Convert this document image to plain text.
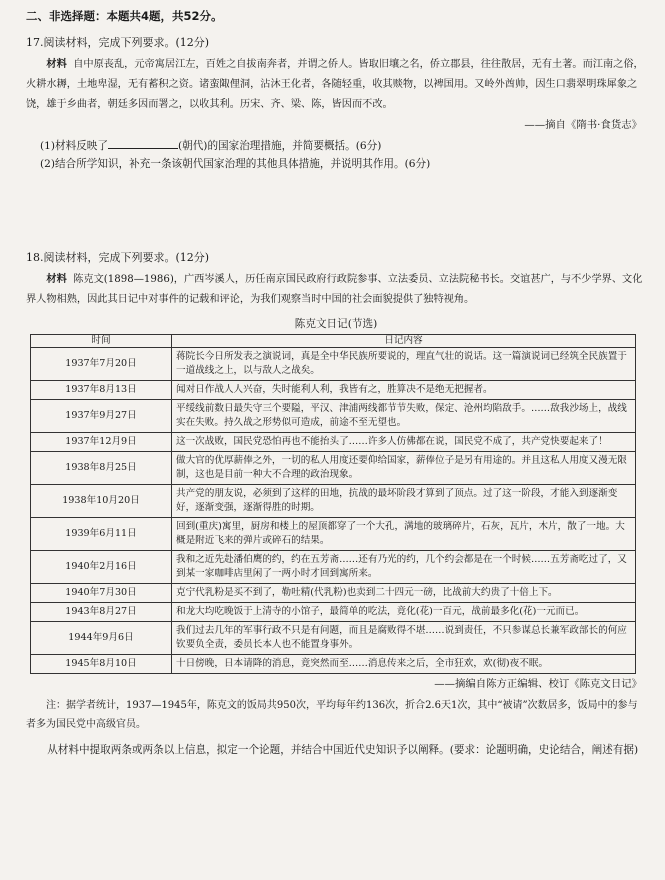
二、非选择题：本题共4题，共52分。
17.阅读材料，完成下列要求。(12分)

材料 自中原丧乱，元帝寓居江左，百姓之自拔南奔者，并谓之侨人。皆取旧壤之名，侨立郡县，往往散居，无有土著。而江南之俗，火耕水耨，土地卑湿，无有蓄积之资。诸蛮陬俚洞，沾沐王化者，各随轻重，收其赕物，以裨国用。又岭外酋帅，因生口翡翠明珠犀象之饶，雄于乡曲者，朝廷多因而署之，以收其利。历宋、齐、梁、陈，皆因而不改。

——摘自《隋书·食货志》
(1)材料反映了	(朝代)的国家治理措施，并简要概括。(6分)
(2)结合所学知识，补充一条该朝代国家治理的其他具体措施，并说明其作用。(6分)
18.阅读材料，完成下列要求。(12分)

材料 陈克文(1898—1986)，广西岑溪人，历任南京国民政府行政院参事、立法委员、立法院秘书长。交谊甚广，与不少学界、文化界人物相熟，因此其日记中对事件的记载和评论，为我们观察当时中国的社会面貌提供了独特视角。

陈克文日记(节选)
时间	日记内容
1937年7月20日	蒋院长今日所发表之演说词，真是全中华民族所要说的，理直气壮的说话。这一篇演说词已经筑全民族置于一道战线之上，以与敌人之战矣。
1937年8月13日	闻对日作战人人兴奋，失时能利人利，我皆有之，胜算决不是绝无把握者。
1937年9月27日	平绥线前数日最失守三个要隘，平汉、津浦两线都节节失败，保定、沧州均陷敌手。……敌我沙场上，战线实在失败。持久战之形势似可造成，前途不至无望也。
1937年12月9日	这一次战败，国民党恐怕再也不能抬头了……许多人仿佛都在说，国民党不成了，共产党快要起来了！
1938年8月25日	做大官的优厚薪俸之外，一切的私人用度还要仰给国家，薪俸位子是另有用途的。并且这私人用度又漫无限制，这也是目前一种大不合理的政治现象。
1938年10月20日	共产党的朋友说，必须到了这样的田地，抗战的最坏阶段才算到了顶点。过了这一阶段，才能入到逐渐变好，逐渐变强，逐渐得胜的时期。
1939年6月11日	回到(重庆)寓里，厨房和楼上的屋顶都穿了一个大孔，满地的玻璃碎片，石灰，瓦片，木片，散了一地。大概是附近飞来的弹片或碎石的结果。
1940年2月16日	我和之近先赴潘伯鹰的约，约在五芳斋……还有乃光的约，几个约会都是在一个时候……五芳斋吃过了，又到某一家咖啡店里闲了一两小时才回到寓所来。
1940年7月30日	克宁代乳粉是买不到了，勒吐精(代乳粉)也卖到二十四元一磅，比战前大约贵了十倍上下。
1943年8月27日	和龙大均吃晚饭于上清寺的小馆子，最简单的吃法，竟化(花)一百元，战前最多化(花)一元而已。
1944年9月6日	我们过去几年的军事行政不只是有问题，而且是腐败得不堪……说到责任，不只参谋总长兼军政部长的何应钦要负全责，委员长本人也不能置身事外。
1945年8月10日	十日傍晚，日本请降的消息，竟突然而至……消息传来之后，全市狂欢，欢(彻)夜不眠。
——摘编自陈方正编辑、校订《陈克文日记》

注：据学者统计，1937—1945年，陈克文的饭局共950次，平均每年约136次，折合2.6天1次，其中“被请”次数居多，饭局中的参与者多为国民党中高级官员。

从材料中提取两条或两条以上信息，拟定一个论题，并结合中国近代史知识予以阐释。(要求：论题明确，史论结合，阐述有据)
